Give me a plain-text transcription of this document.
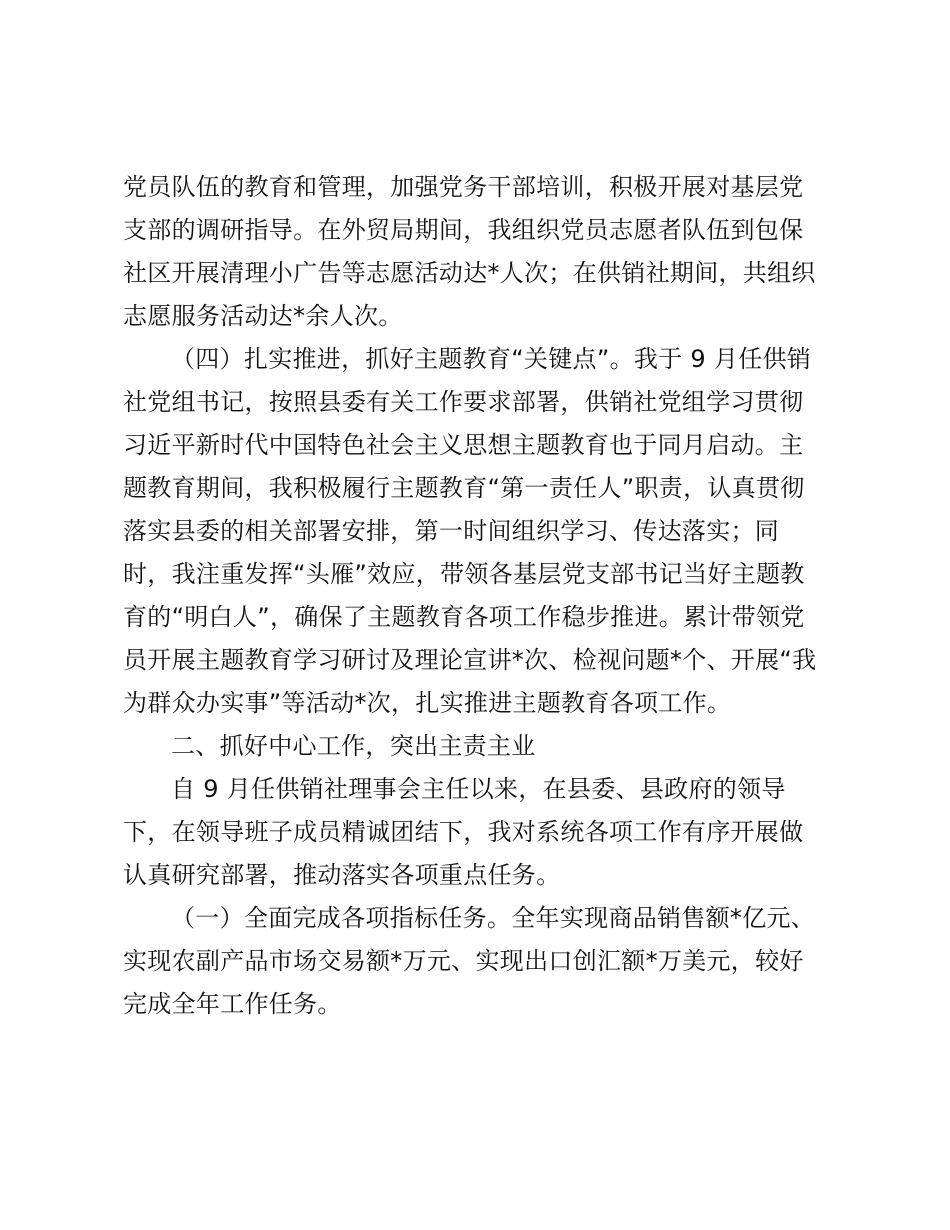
党员队伍的教育和管理，加强党务干部培训，积极开展对基层党
支部的调研指导。在外贸局期间，我组织党员志愿者队伍到包保
社区开展清理小广告等志愿活动达*人次；在供销社期间，共组织
志愿服务活动达*余人次。
（四）扎实推进，抓好主题教育“关键点”。我于 9 月任供销
社党组书记，按照县委有关工作要求部署，供销社党组学习贯彻
习近平新时代中国特色社会主义思想主题教育也于同月启动。主
题教育期间，我积极履行主题教育“第一责任人”职责，认真贯彻
落实县委的相关部署安排，第一时间组织学习、传达落实；同
时，我注重发挥“头雁”效应，带领各基层党支部书记当好主题教
育的“明白人”，确保了主题教育各项工作稳步推进。累计带领党
员开展主题教育学习研讨及理论宣讲*次、检视问题*个、开展“我
为群众办实事”等活动*次，扎实推进主题教育各项工作。
二、抓好中心工作，突出主责主业
自 9 月任供销社理事会主任以来，在县委、县政府的领导
下，在领导班子成员精诚团结下，我对系统各项工作有序开展做
认真研究部署，推动落实各项重点任务。
（一）全面完成各项指标任务。全年实现商品销售额*亿元、
实现农副产品市场交易额*万元、实现出口创汇额*万美元，较好
完成全年工作任务。
